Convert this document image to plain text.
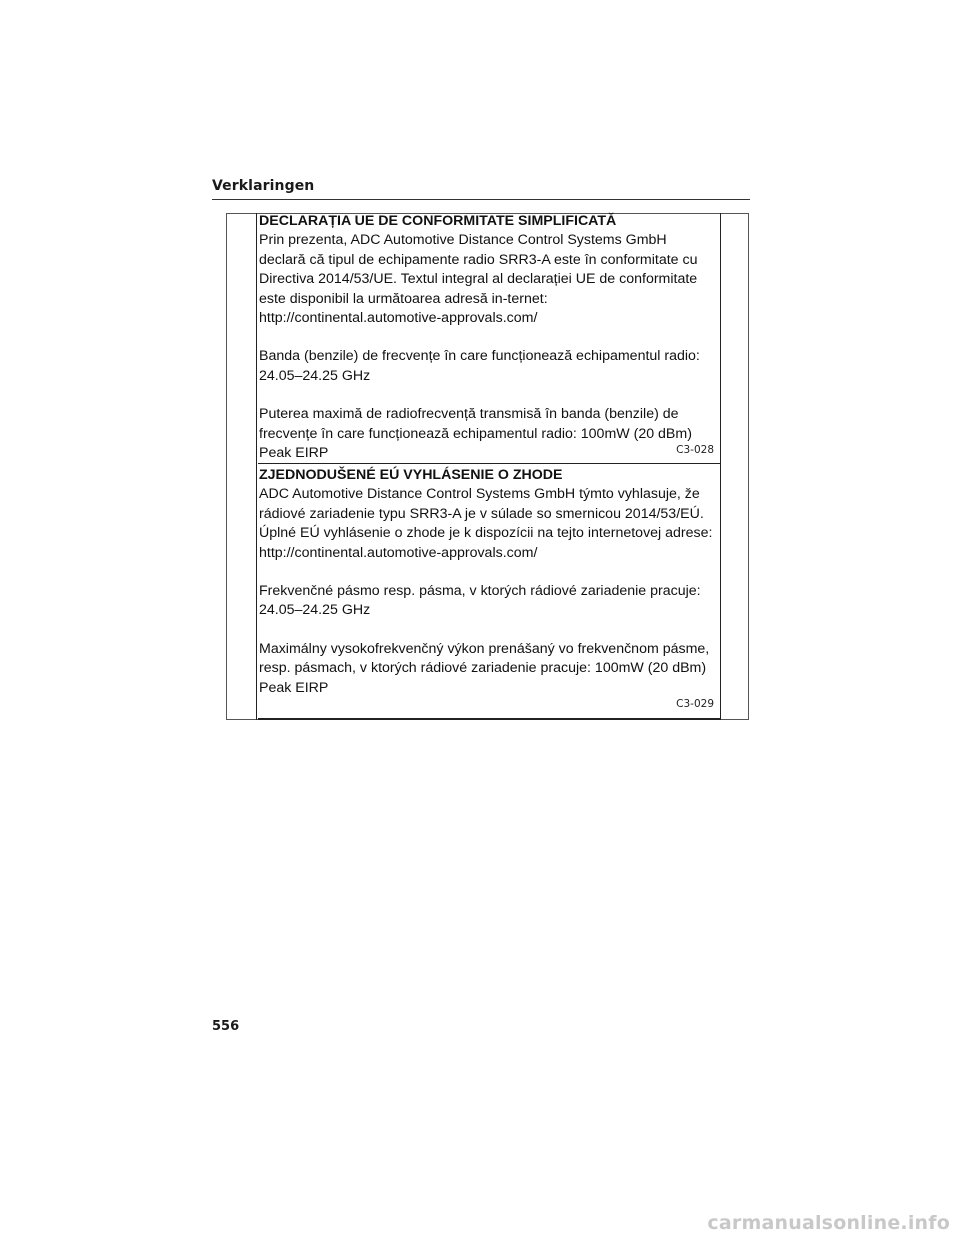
Verklaringen

DECLARAȚIA UE DE CONFORMITATE SIMPLIFICATĂ

Prin prezenta, ADC Automotive Distance Control Systems GmbH declară că tipul de echipamente radio SRR3-A este în conformitate cu Directiva 2014/53/UE. Textul integral al declarației UE de conformitate este disponibil la următoarea adresă in-ternet: http://continental.automotive-approvals.com/

Banda (benzile) de frecvențe în care funcționează echipamentul radio: 24.05–24.25 GHz

Puterea maximă de radiofrecvență transmisă în banda (benzile) de frecvențe în care funcționează echipamentul radio: 100mW (20 dBm) Peak EIRP	C3-028

ZJEDNODUŠENÉ EÚ VYHLÁSENIE O ZHODE

ADC Automotive Distance Control Systems GmbH týmto vyhlasuje, že rádiové zariadenie typu SRR3-A je v súlade so smernicou 2014/53/EÚ. Úplné EÚ vyhlásenie o zhode je k dispozícii na tejto internetovej adrese: http://continental.automotive-approvals.com/

Frekvenčné pásmo resp. pásma, v ktorých rádiové zariadenie pracuje: 24.05–24.25 GHz

Maximálny vysokofrekvenčný výkon prenášaný vo frekvenčnom pásme, resp. pásmach, v ktorých rádiové zariadenie pracuje: 100mW (20 dBm) Peak EIRP

C3-029
556
carmanualsonline.info
